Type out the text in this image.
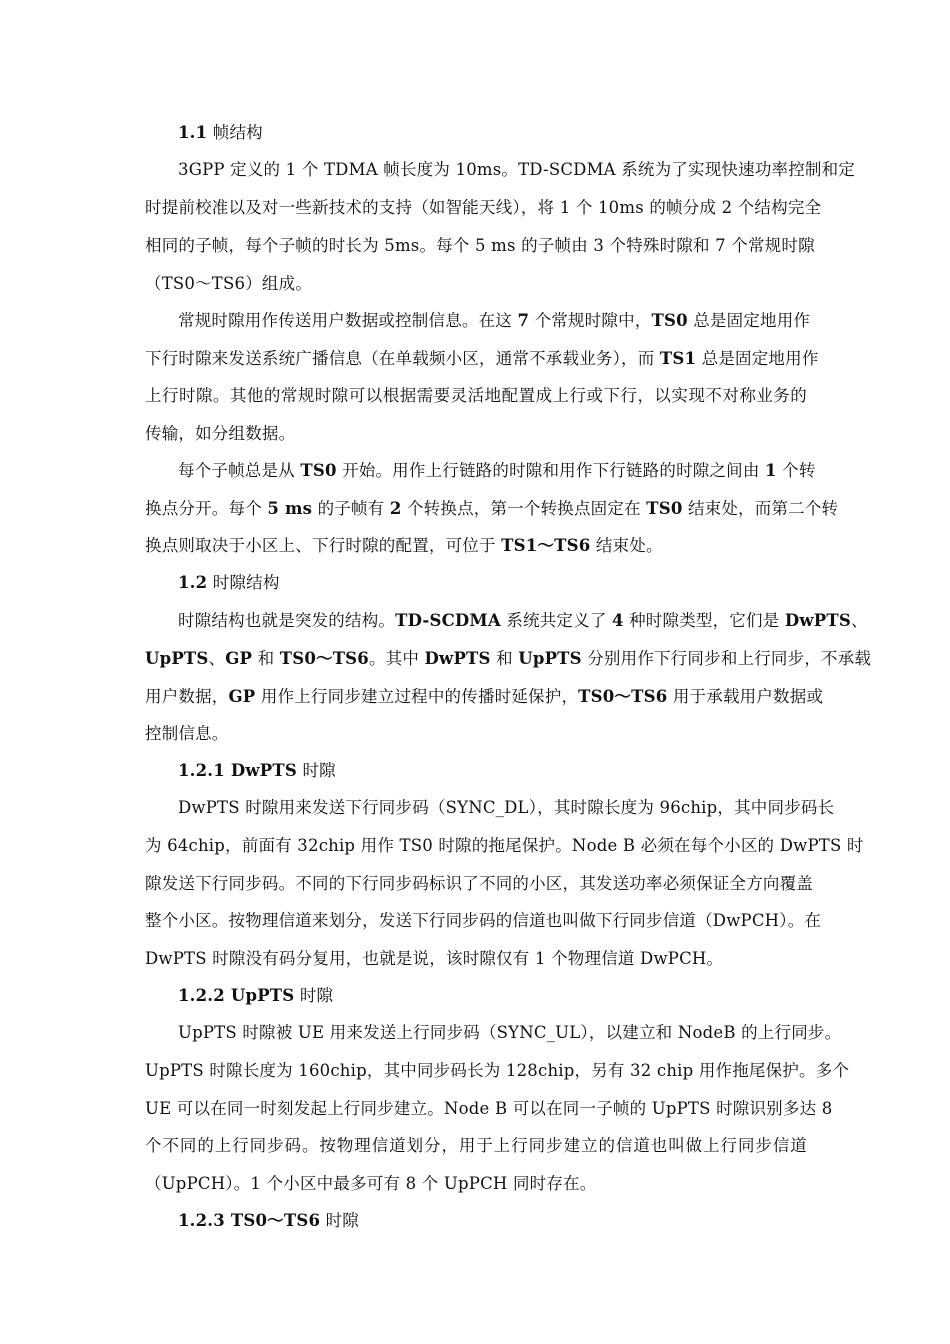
1.1 帧结构
3GPP 定义的 1 个 TDMA 帧长度为 10ms。TD-SCDMA 系统为了实现快速功率控制和定
时提前校准以及对一些新技术的支持（如智能天线），将 1 个 10ms 的帧分成 2 个结构完全
相同的子帧，每个子帧的时长为 5ms。每个 5 ms 的子帧由 3 个特殊时隙和 7 个常规时隙
（TS0～TS6）组成。
常规时隙用作传送用户数据或控制信息。在这 7 个常规时隙中，TS0 总是固定地用作
下行时隙来发送系统广播信息（在单载频小区，通常不承载业务），而 TS1 总是固定地用作
上行时隙。其他的常规时隙可以根据需要灵活地配置成上行或下行，以实现不对称业务的
传输，如分组数据。
每个子帧总是从 TS0 开始。用作上行链路的时隙和用作下行链路的时隙之间由 1 个转
换点分开。每个 5 ms 的子帧有 2 个转换点，第一个转换点固定在 TS0 结束处，而第二个转
换点则取决于小区上、下行时隙的配置，可位于 TS1～TS6 结束处。
1.2 时隙结构
时隙结构也就是突发的结构。TD-SCDMA 系统共定义了 4 种时隙类型，它们是 DwPTS、
UpPTS、GP 和 TS0～TS6。其中 DwPTS 和 UpPTS 分别用作下行同步和上行同步，不承载
用户数据，GP 用作上行同步建立过程中的传播时延保护，TS0～TS6 用于承载用户数据或
控制信息。
1.2.1 DwPTS 时隙
DwPTS 时隙用来发送下行同步码（SYNC_DL），其时隙长度为 96chip，其中同步码长
为 64chip，前面有 32chip 用作 TS0 时隙的拖尾保护。Node B 必须在每个小区的 DwPTS 时
隙发送下行同步码。不同的下行同步码标识了不同的小区，其发送功率必须保证全方向覆盖
整个小区。按物理信道来划分，发送下行同步码的信道也叫做下行同步信道（DwPCH）。在
DwPTS 时隙没有码分复用，也就是说，该时隙仅有 1 个物理信道 DwPCH。
1.2.2 UpPTS 时隙
UpPTS 时隙被 UE 用来发送上行同步码（SYNC_UL），以建立和 NodeB 的上行同步。
UpPTS 时隙长度为 160chip，其中同步码长为 128chip，另有 32 chip 用作拖尾保护。多个
UE 可以在同一时刻发起上行同步建立。Node B 可以在同一子帧的 UpPTS 时隙识别多达 8
个不同的上行同步码。按物理信道划分，用于上行同步建立的信道也叫做上行同步信道
（UpPCH）。1 个小区中最多可有 8 个 UpPCH 同时存在。
1.2.3 TS0～TS6 时隙
